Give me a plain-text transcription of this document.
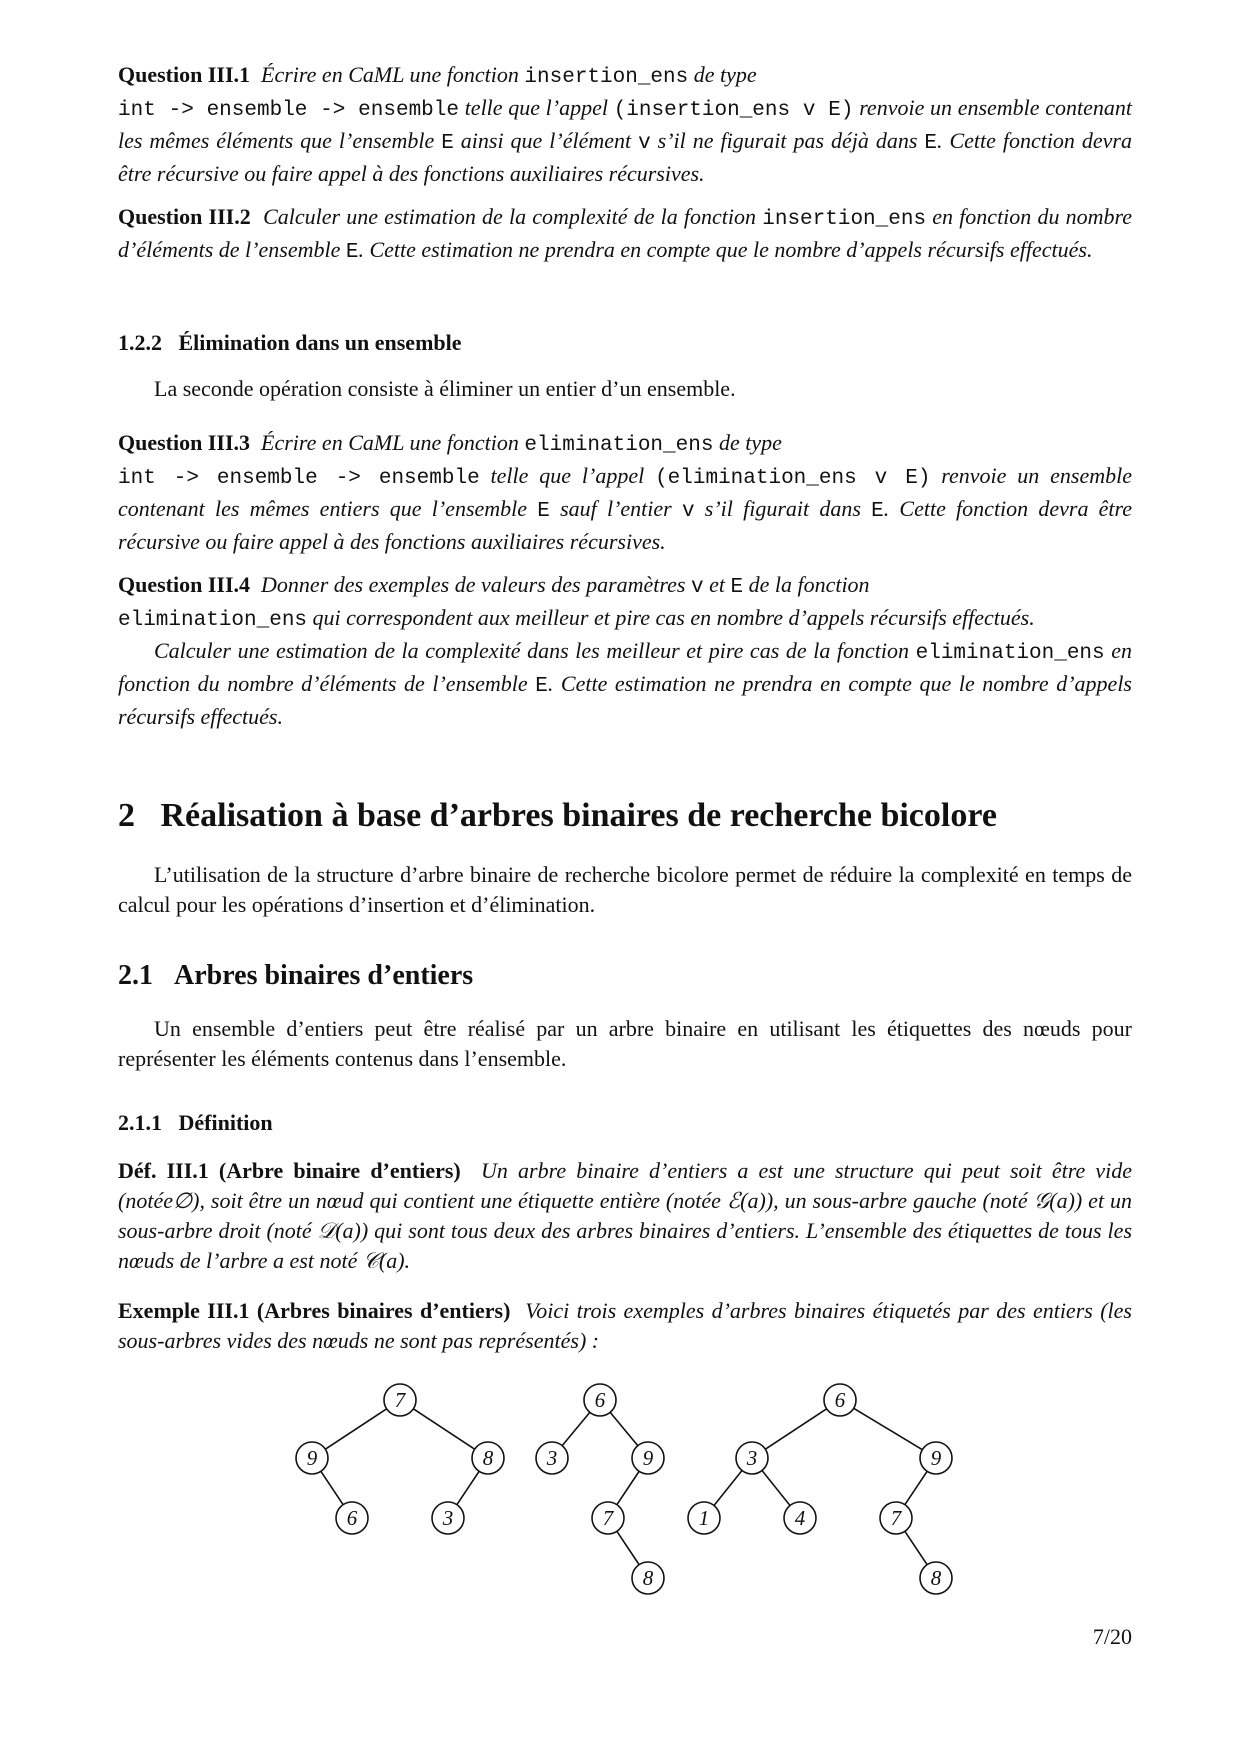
Question III.1 Écrire en CaML une fonction insertion_ens de type
int -> ensemble -> ensemble telle que l’appel (insertion_ens v E) renvoie un ensemble contenant les mêmes éléments que l’ensemble E ainsi que l’élément v s’il ne figurait pas déjà dans E. Cette fonction devra être récursive ou faire appel à des fonctions auxiliaires récursives.

Question III.2 Calculer une estimation de la complexité de la fonction insertion_ens en fonction du nombre d’éléments de l’ensemble E. Cette estimation ne prendra en compte que le nombre d’appels récursifs effectués.

1.2.2 Élimination dans un ensemble

La seconde opération consiste à éliminer un entier d’un ensemble.

Question III.3 Écrire en CaML une fonction elimination_ens de type
int -> ensemble -> ensemble telle que l’appel (elimination_ens v E) renvoie un ensemble contenant les mêmes entiers que l’ensemble E sauf l’entier v s’il figurait dans E. Cette fonction devra être récursive ou faire appel à des fonctions auxiliaires récursives.

Question III.4 Donner des exemples de valeurs des paramètres v et E de la fonction
elimination_ens qui correspondent aux meilleur et pire cas en nombre d’appels récursifs effectués.

Calculer une estimation de la complexité dans les meilleur et pire cas de la fonction elimination_ens en fonction du nombre d’éléments de l’ensemble E. Cette estimation ne prendra en compte que le nombre d’appels récursifs effectués.

2 Réalisation à base d’arbres binaires de recherche bicolore

L’utilisation de la structure d’arbre binaire de recherche bicolore permet de réduire la complexité en temps de calcul pour les opérations d’insertion et d’élimination.

2.1 Arbres binaires d’entiers

Un ensemble d’entiers peut être réalisé par un arbre binaire en utilisant les étiquettes des nœuds pour représenter les éléments contenus dans l’ensemble.

2.1.1 Définition

Déf. III.1 (Arbre binaire d’entiers) Un arbre binaire d’entiers a est une structure qui peut soit être vide (notée∅), soit être un nœud qui contient une étiquette entière (notée ℰ(a)), un sous-arbre gauche (noté 𝒢(a)) et un sous-arbre droit (noté 𝒟(a)) qui sont tous deux des arbres binaires d’entiers. L’ensemble des étiquettes de tous les nœuds de l’arbre a est noté 𝒞(a).

Exemple III.1 (Arbres binaires d’entiers) Voici trois exemples d’arbres binaires étiquetés par des entiers (les sous-arbres vides des nœuds ne sont pas représentés) :

7
9	8
6	3
6
3	9
7
8
6
3	9
1	4	7
8
7/20
